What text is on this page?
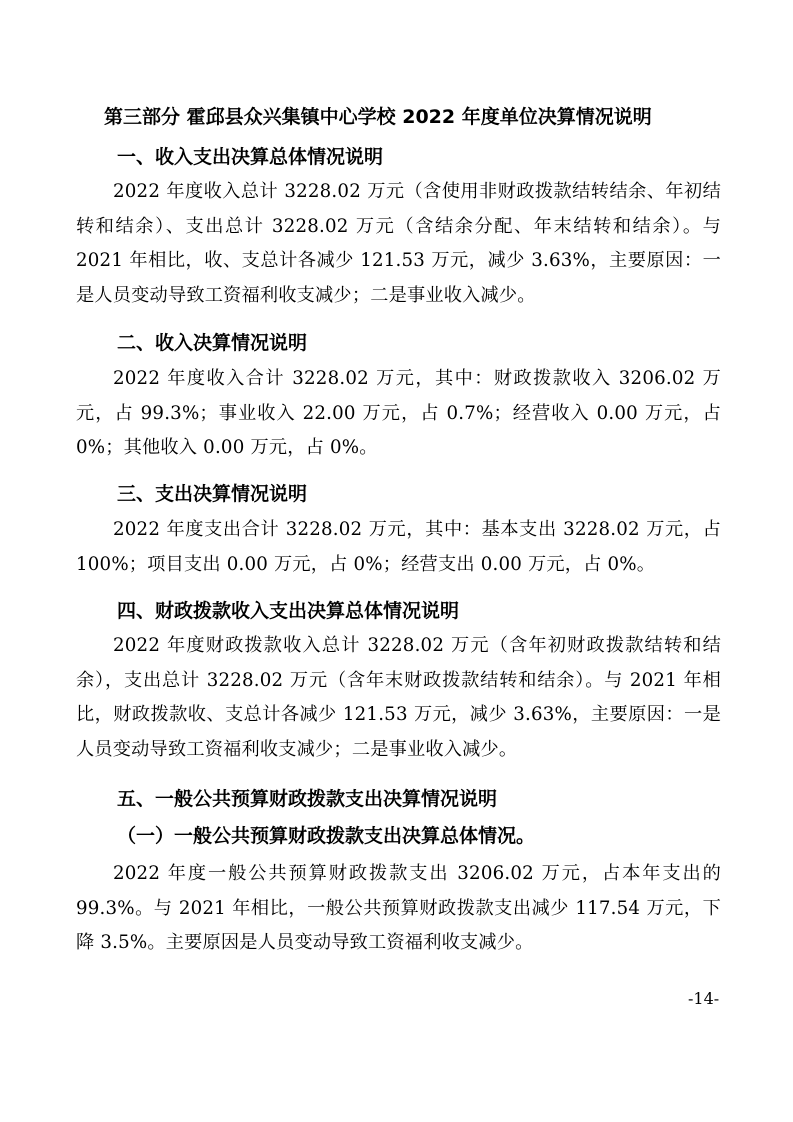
第三部分 霍邱县众兴集镇中心学校 2022 年度单位决算情况说明
一、收入支出决算总体情况说明
2022 年度收入总计 3228.02 万元（含使用非财政拨款结转结余、年初结转和结余）、支出总计 3228.02 万元（含结余分配、年末结转和结余）。与 2021 年相比，收、支总计各减少 121.53 万元，减少 3.63%，主要原因：一是人员变动导致工资福利收支减少；二是事业收入减少。
二、收入决算情况说明
2022 年度收入合计 3228.02 万元，其中：财政拨款收入 3206.02 万元，占 99.3%；事业收入 22.00 万元，占 0.7%；经营收入 0.00 万元，占 0%；其他收入 0.00 万元，占 0%。
三、支出决算情况说明
2022 年度支出合计 3228.02 万元，其中：基本支出 3228.02 万元，占 100%；项目支出 0.00 万元，占 0%；经营支出 0.00 万元，占 0%。
四、财政拨款收入支出决算总体情况说明
2022 年度财政拨款收入总计 3228.02 万元（含年初财政拨款结转和结余），支出总计 3228.02 万元（含年末财政拨款结转和结余）。与 2021 年相比，财政拨款收、支总计各减少 121.53 万元，减少 3.63%，主要原因：一是人员变动导致工资福利收支减少；二是事业收入减少。
五、一般公共预算财政拨款支出决算情况说明
（一）一般公共预算财政拨款支出决算总体情况。
2022 年度一般公共预算财政拨款支出 3206.02 万元，占本年支出的 99.3%。与 2021 年相比，一般公共预算财政拨款支出减少 117.54 万元，下降 3.5%。主要原因是人员变动导致工资福利收支减少。
-14-
